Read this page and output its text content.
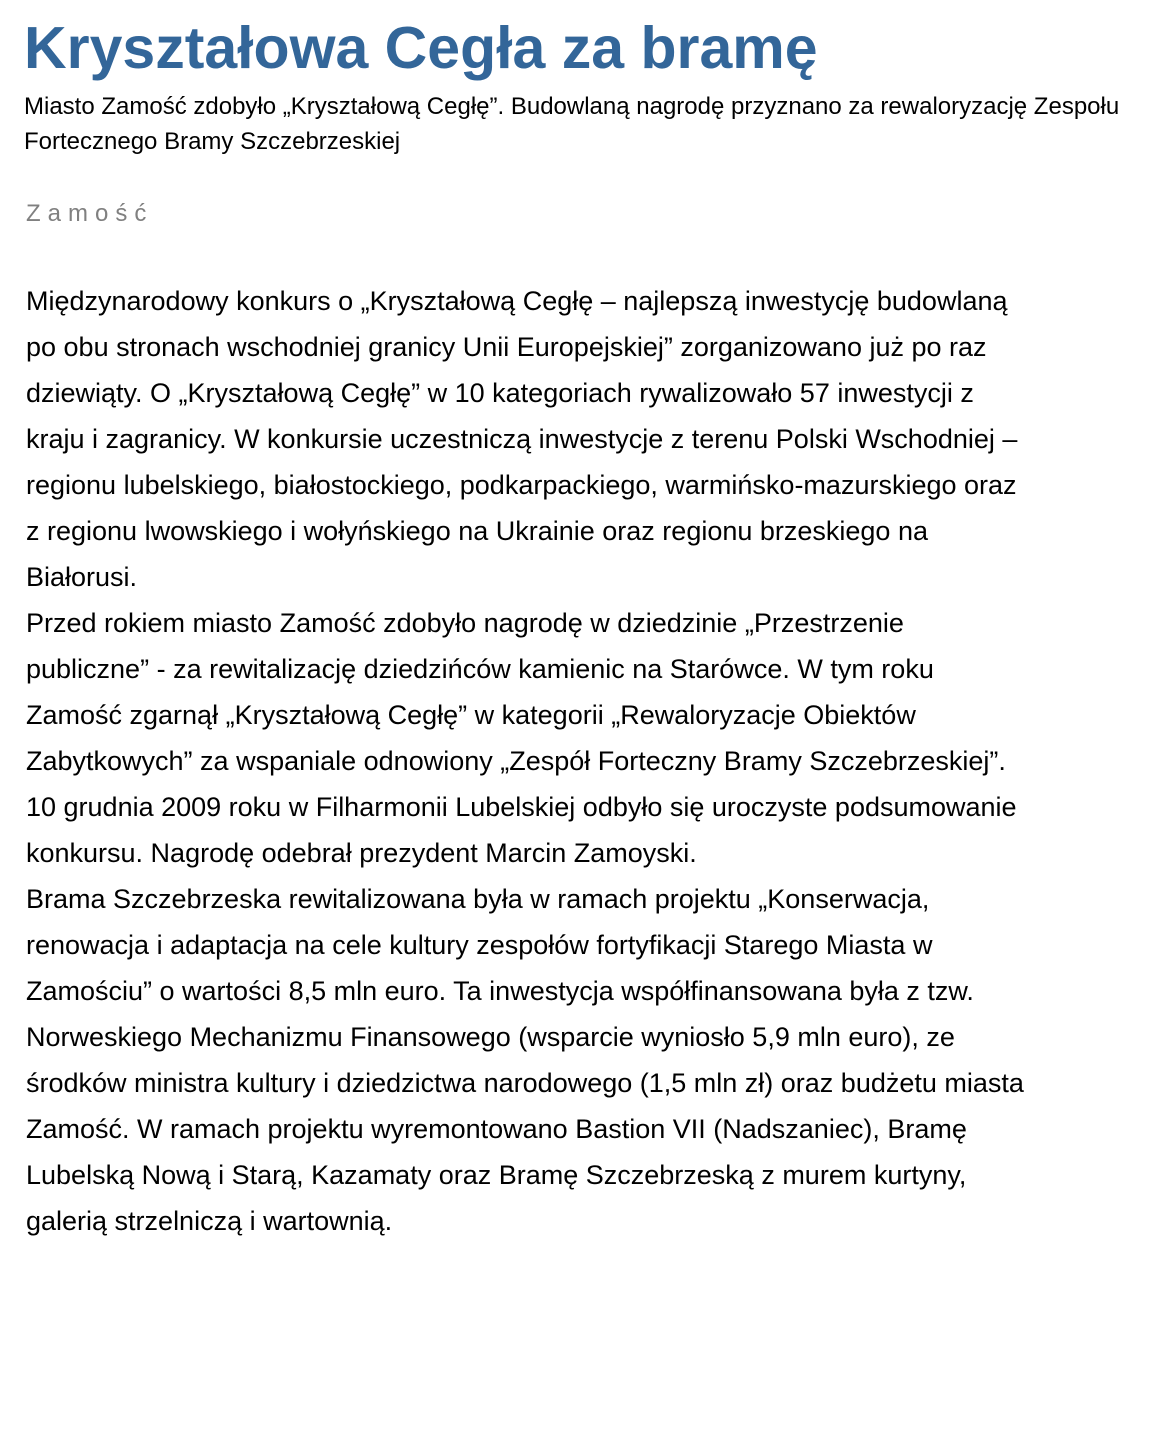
Kryształowa Cegła za bramę
Miasto Zamość zdobyło „Kryształową Cegłę”. Budowlaną nagrodę przyznano za rewaloryzację Zespołu Fortecznego Bramy Szczebrzeskiej
Zamość

Międzynarodowy konkurs o „Kryształową Cegłę – najlepszą inwestycję budowlaną po obu stronach wschodniej granicy Unii Europejskiej” zorganizowano już po raz dziewiąty. O „Kryształową Cegłę” w 10 kategoriach rywalizowało 57 inwestycji z kraju i zagranicy. W konkursie uczestniczą inwestycje z terenu Polski Wschodniej – regionu lubelskiego, białostockiego, podkarpackiego, warmińsko-mazurskiego oraz z regionu lwowskiego i wołyńskiego na Ukrainie oraz regionu brzeskiego na Białorusi.

Przed rokiem miasto Zamość zdobyło nagrodę w dziedzinie „Przestrzenie publiczne” - za rewitalizację dziedzińców kamienic na Starówce. W tym roku Zamość zgarnął „Kryształową Cegłę” w kategorii „Rewaloryzacje Obiektów Zabytkowych” za wspaniale odnowiony „Zespół Forteczny Bramy Szczebrzeskiej”. 10 grudnia 2009 roku w Filharmonii Lubelskiej odbyło się uroczyste podsumowanie konkursu. Nagrodę odebrał prezydent Marcin Zamoyski.

Brama Szczebrzeska rewitalizowana była w ramach projektu „Konserwacja, renowacja i adaptacja na cele kultury zespołów fortyfikacji Starego Miasta w Zamościu” o wartości 8,5 mln euro. Ta inwestycja współfinansowana była z tzw. Norweskiego Mechanizmu Finansowego (wsparcie wyniosło 5,9 mln euro), ze środków ministra kultury i dziedzictwa narodowego (1,5 mln zł) oraz budżetu miasta Zamość. W ramach projektu wyremontowano Bastion VII (Nadszaniec), Bramę Lubelską Nową i Starą, Kazamaty oraz Bramę Szczebrzeską z murem kurtyny, galerią strzelniczą i wartownią.
